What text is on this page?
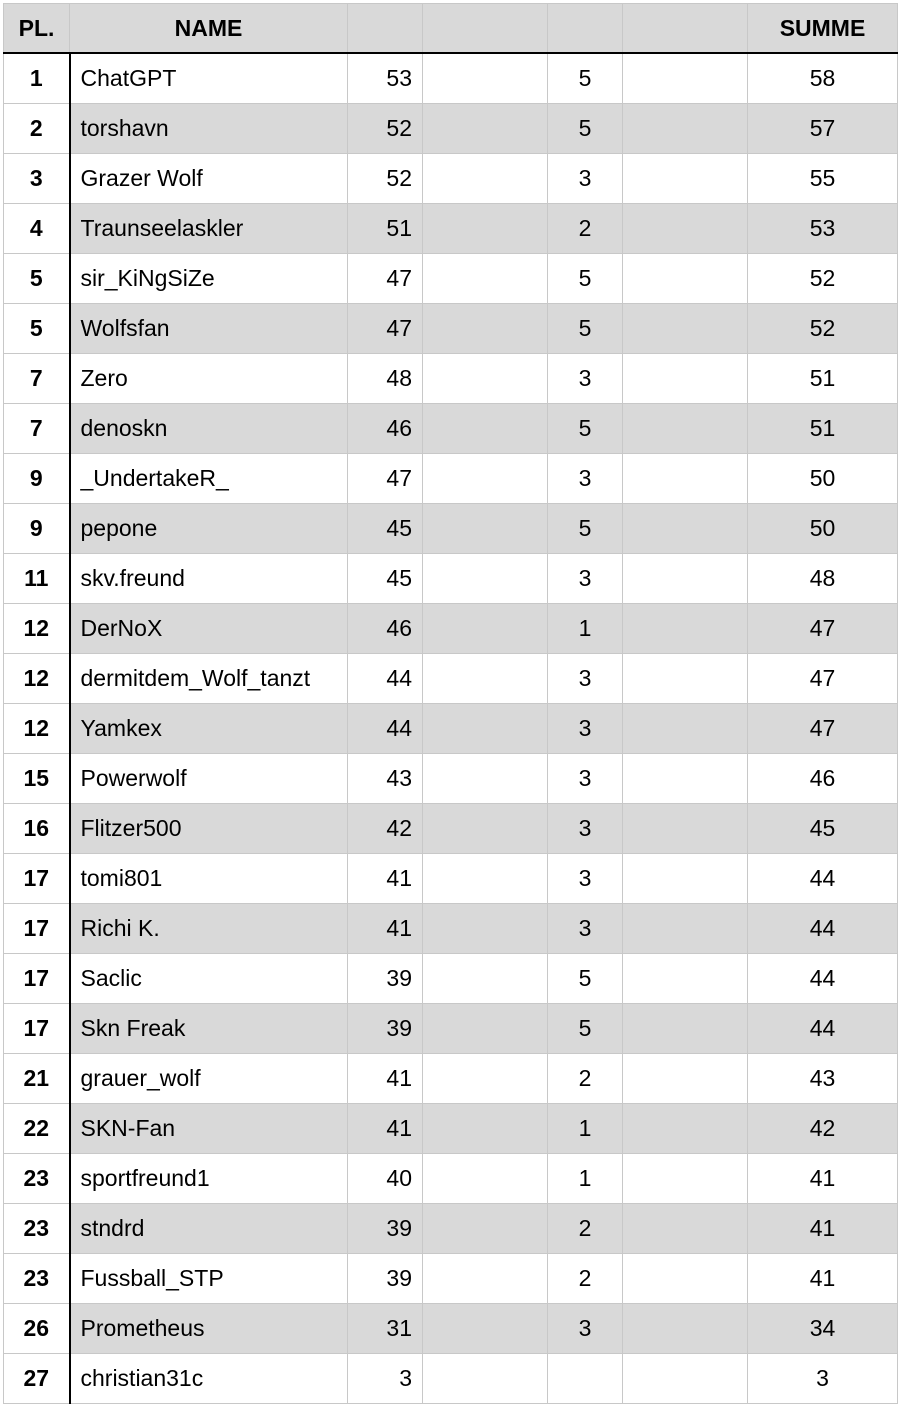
PL.	NAME					SUMME
1	ChatGPT	53		5		58
2	torshavn	52		5		57
3	Grazer Wolf	52		3		55
4	Traunseelaskler	51		2		53
5	sir_KiNgSiZe	47		5		52
5	Wolfsfan	47		5		52
7	Zero	48		3		51
7	denoskn	46		5		51
9	_UndertakeR_	47		3		50
9	pepone	45		5		50
11	skv.freund	45		3		48
12	DerNoX	46		1		47
12	dermitdem_Wolf_tanzt	44		3		47
12	Yamkex	44		3		47
15	Powerwolf	43		3		46
16	Flitzer500	42		3		45
17	tomi801	41		3		44
17	Richi K.	41		3		44
17	Saclic	39		5		44
17	Skn Freak	39		5		44
21	grauer_wolf	41		2		43
22	SKN-Fan	41		1		42
23	sportfreund1	40		1		41
23	stndrd	39		2		41
23	Fussball_STP	39		2		41
26	Prometheus	31		3		34
27	christian31c	3				3
